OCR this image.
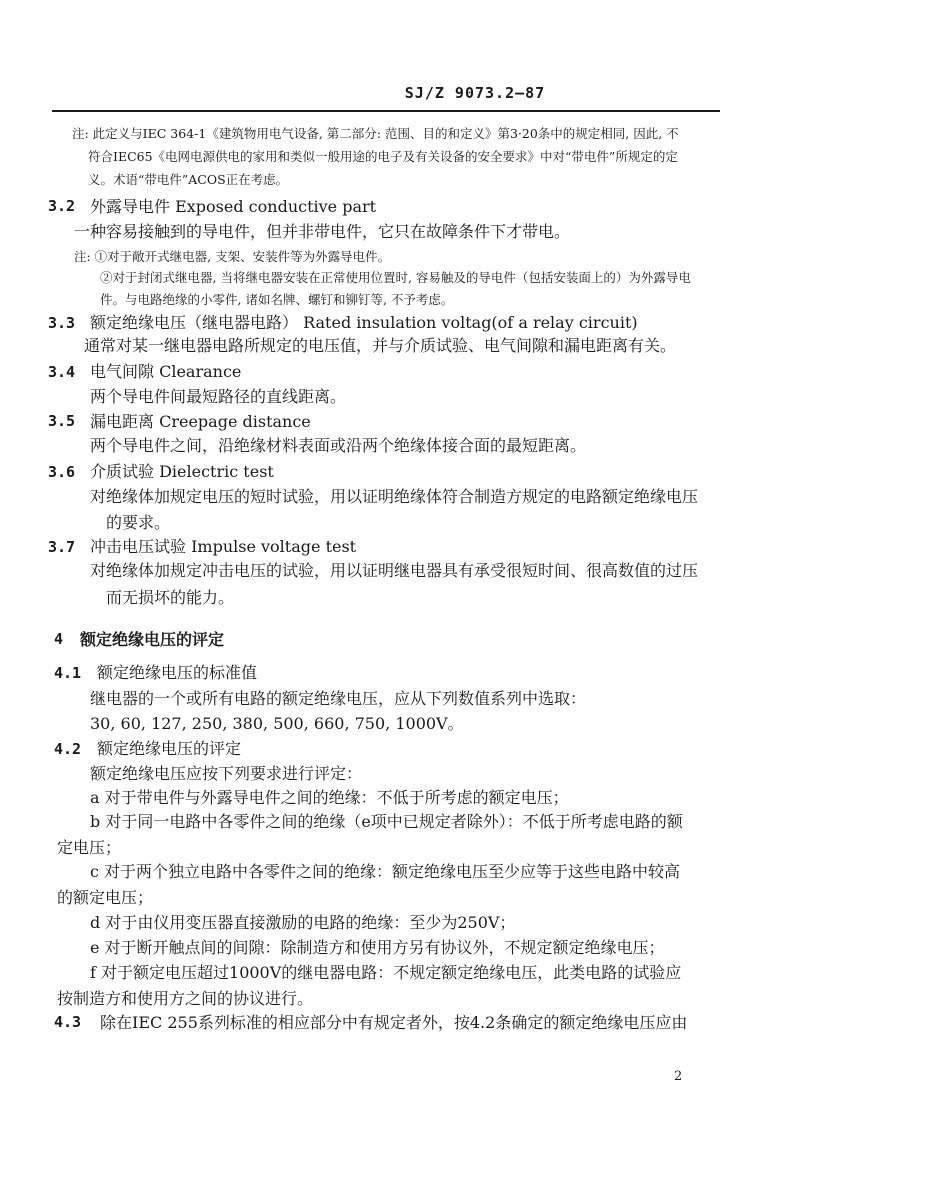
SJ/Z 9073.2—87
注: 此定义与IEC 364-1《建筑物用电气设备, 第二部分: 范围、目的和定义》第3·20条中的规定相同, 因此, 不
符合IEC65《电网电源供电的家用和类似一般用途的电子及有关设备的安全要求》中对“带电件”所规定的定
义。术语“带电件”ACOS正在考虑。
3.2 外露导电件 Exposed conductive part
一种容易接触到的导电件，但并非带电件，它只在故障条件下才带电。
注: ①对于敞开式继电器, 支架、安装件等为外露导电件。
②对于封闭式继电器, 当将继电器安装在正常使用位置时, 容易触及的导电件（包括安装面上的）为外露导电
件。与电路绝缘的小零件, 诸如名牌、螺钉和铆钉等, 不予考虑。
3.3 额定绝缘电压（继电器电路） Rated insulation voltag(of a relay circuit)
通常对某一继电器电路所规定的电压值，并与介质试验、电气间隙和漏电距离有关。
3.4 电气间隙 Clearance
两个导电件间最短路径的直线距离。
3.5 漏电距离 Creepage distance
两个导电件之间，沿绝缘材料表面或沿两个绝缘体接合面的最短距离。
3.6 介质试验 Dielectric test
对绝缘体加规定电压的短时试验，用以证明绝缘体符合制造方规定的电路额定绝缘电压
的要求。
3.7 冲击电压试验 Impulse voltage test
对绝缘体加规定冲击电压的试验，用以证明继电器具有承受很短时间、很高数值的过压
而无损坏的能力。
4 额定绝缘电压的评定
4.1 额定绝缘电压的标准值
继电器的一个或所有电路的额定绝缘电压，应从下列数值系列中选取：
30, 60, 127, 250, 380, 500, 660, 750, 1000V。
4.2 额定绝缘电压的评定
额定绝缘电压应按下列要求进行评定：
a 对于带电件与外露导电件之间的绝缘：不低于所考虑的额定电压；
b 对于同一电路中各零件之间的绝缘（e项中已规定者除外）：不低于所考虑电路的额
定电压；
c 对于两个独立电路中各零件之间的绝缘：额定绝缘电压至少应等于这些电路中较高
的额定电压；
d 对于由仪用变压器直接激励的电路的绝缘：至少为250V；
e 对于断开触点间的间隙：除制造方和使用方另有协议外，不规定额定绝缘电压；
f 对于额定电压超过1000V的继电器电路：不规定额定绝缘电压，此类电路的试验应
按制造方和使用方之间的协议进行。
4.3 除在IEC 255系列标准的相应部分中有规定者外，按4.2条确定的额定绝缘电压应由
2
